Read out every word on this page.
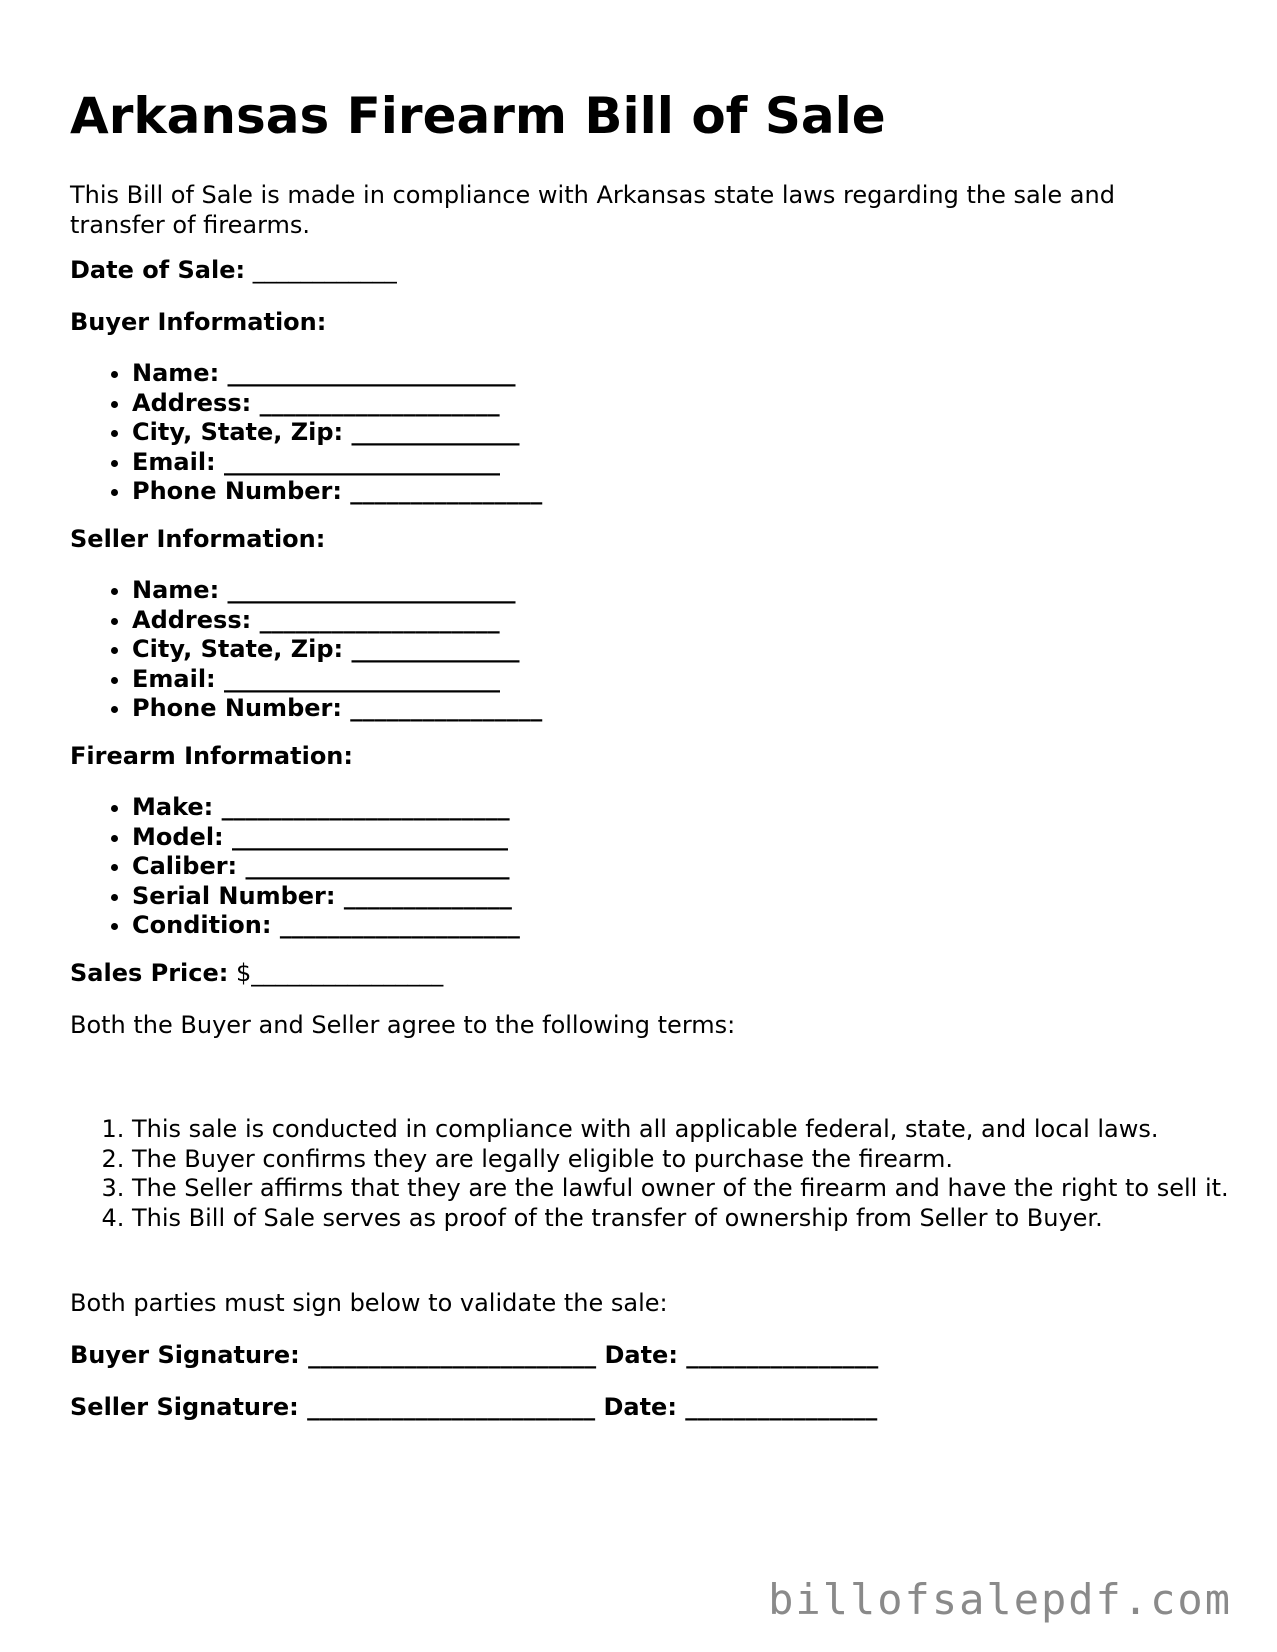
Arkansas Firearm Bill of Sale

This Bill of Sale is made in compliance with Arkansas state laws regarding the sale and transfer of firearms.

Date of Sale: ____________

Buyer Information:

• Name: ________________________
• Address: ____________________
• City, State, Zip: ______________
• Email: _______________________
• Phone Number: ________________

Seller Information:

• Name: ________________________
• Address: ____________________
• City, State, Zip: ______________
• Email: _______________________
• Phone Number: ________________

Firearm Information:

• Make: ________________________
• Model: _______________________
• Caliber: ______________________
• Serial Number: ______________
• Condition: ____________________

Sales Price: $________________

Both the Buyer and Seller agree to the following terms:

1. This sale is conducted in compliance with all applicable federal, state, and local laws.
2. The Buyer confirms they are legally eligible to purchase the firearm.
3. The Seller affirms that they are the lawful owner of the firearm and have the right to sell it.
4. This Bill of Sale serves as proof of the transfer of ownership from Seller to Buyer.

Both parties must sign below to validate the sale:

Buyer Signature: ________________________ Date: ________________

Seller Signature: ________________________ Date: ________________

billofsalepdf.com
